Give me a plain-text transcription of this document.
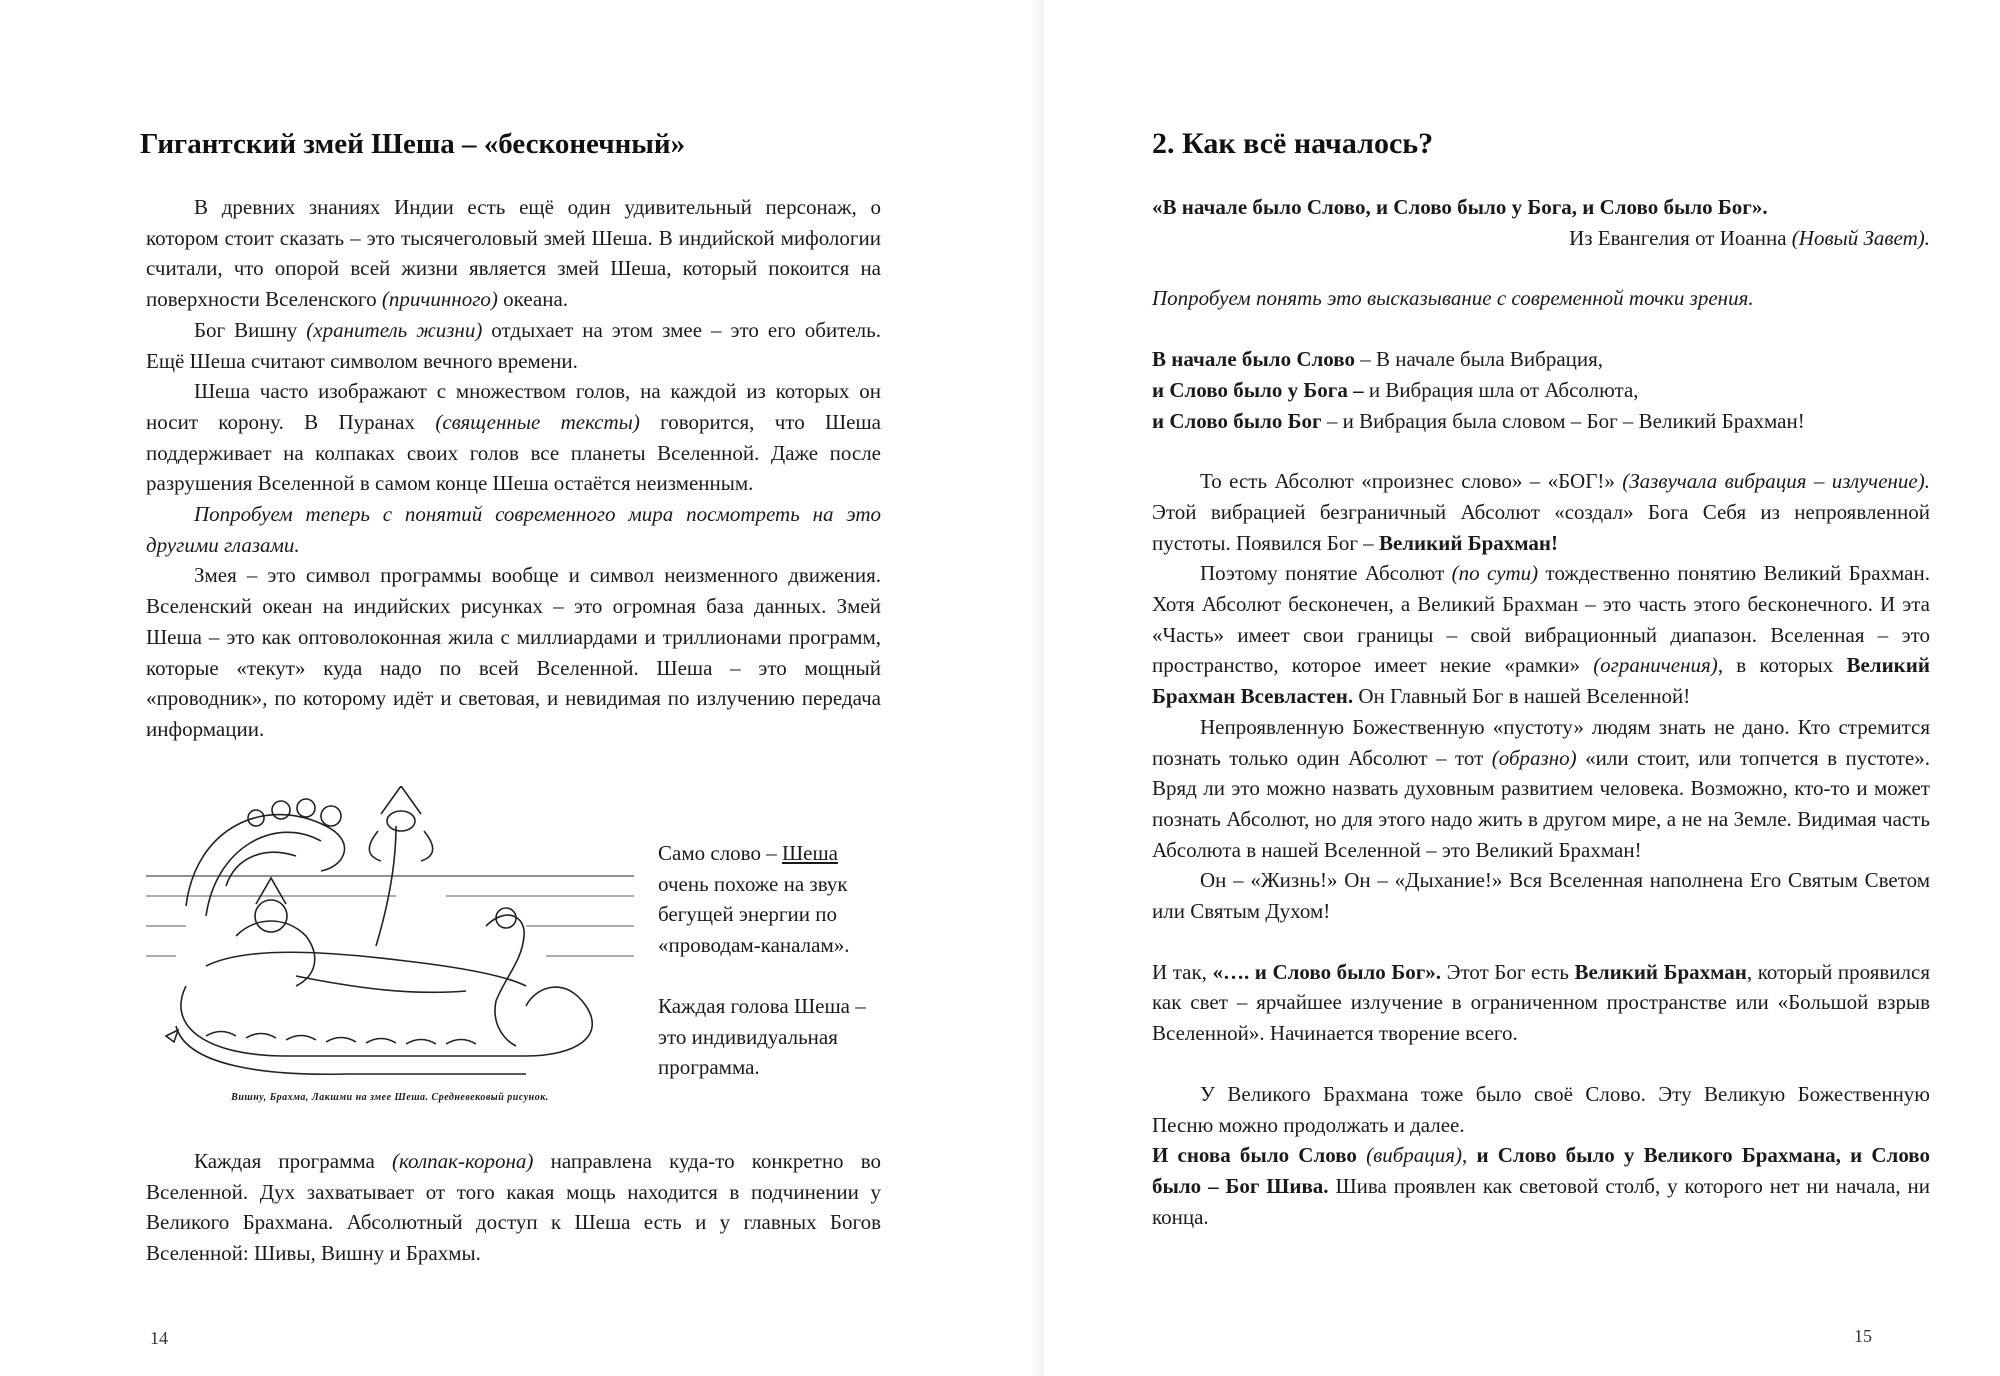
Гигантский змей Шеша – «бесконечный»

В древних знаниях Индии есть ещё один удивительный персонаж, о котором стоит сказать – это тысячеголовый змей Шеша. В индийской мифологии считали, что опорой всей жизни является змей Шеша, который покоится на поверхности Вселенского (причинного) океана.

Бог Вишну (хранитель жизни) отдыхает на этом змее – это его обитель. Ещё Шеша считают символом вечного времени.

Шеша часто изображают с множеством голов, на каждой из которых он носит корону. В Пуранах (священные тексты) говорится, что Шеша поддерживает на колпаках своих голов все планеты Вселенной. Даже после разрушения Вселенной в самом конце Шеша остаётся неизменным.

Попробуем теперь с понятий современного мира посмотреть на это другими глазами.

Змея – это символ программы вообще и символ неизменного движения. Вселенский океан на индийских рисунках – это огромная база данных. Змей Шеша – это как оптоволоконная жила с миллиардами и триллионами программ, которые «текут» куда надо по всей Вселенной. Шеша – это мощный «проводник», по которому идёт и световая, и невидимая по излучению передача информации.

Вишну, Брахма, Лакшми на змее Шеша. Средневековый рисунок.

Само слово – Шеша очень похоже на звук бегущей энергии по «проводам-каналам».

Каждая голова Шеша – это индивидуальная программа.

Каждая программа (колпак-корона) направлена куда-то конкретно во Вселенной. Дух захватывает от того какая мощь находится в подчинении у Великого Брахмана. Абсолютный доступ к Шеша есть и у главных Богов Вселенной: Шивы, Вишну и Брахмы.

14
2. Как всё началось?

«В начале было Слово, и Слово было у Бога, и Слово было Бог».

Из Евангелия от Иоанна (Новый Завет).

Попробуем понять это высказывание с современной точки зрения.

В начале было Слово – В начале была Вибрация,

и Слово было у Бога – и Вибрация шла от Абсолюта,

и Слово было Бог – и Вибрация была словом – Бог – Великий Брахман!

То есть Абсолют «произнес слово» – «БОГ!» (Зазвучала вибрация – излучение). Этой вибрацией безграничный Абсолют «создал» Бога Себя из непроявленной пустоты. Появился Бог – Великий Брахман!

Поэтому понятие Абсолют (по сути) тождественно понятию Великий Брахман. Хотя Абсолют бесконечен, а Великий Брахман – это часть этого бесконечного. И эта «Часть» имеет свои границы – свой вибрационный диапазон. Вселенная – это пространство, которое имеет некие «рамки» (ограничения), в которых Великий Брахман Всевластен. Он Главный Бог в нашей Вселенной!

Непроявленную Божественную «пустоту» людям знать не дано. Кто стремится познать только один Абсолют – тот (образно) «или стоит, или топчется в пустоте». Вряд ли это можно назвать духовным развитием человека. Возможно, кто-то и может познать Абсолют, но для этого надо жить в другом мире, а не на Земле. Видимая часть Абсолюта в нашей Вселенной – это Великий Брахман!

Он – «Жизнь!» Он – «Дыхание!» Вся Вселенная наполнена Его Святым Светом или Святым Духом!

И так, «…. и Слово было Бог». Этот Бог есть Великий Брахман, который проявился как свет – ярчайшее излучение в ограниченном пространстве или «Большой взрыв Вселенной». Начинается творение всего.

У Великого Брахмана тоже было своё Слово. Эту Великую Божественную Песню можно продолжать и далее.

И снова было Слово (вибрация), и Слово было у Великого Брахмана, и Слово было – Бог Шива. Шива проявлен как световой столб, у которого нет ни начала, ни конца.

15
